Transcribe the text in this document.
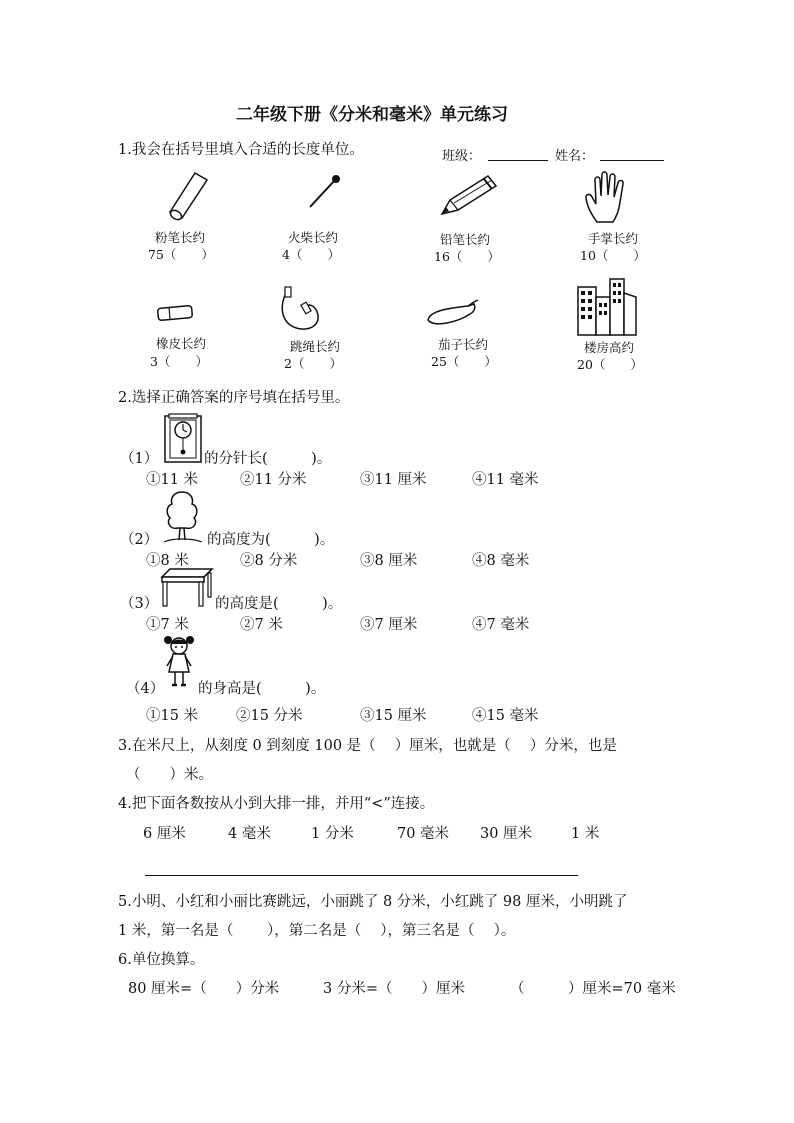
二年级下册《分米和毫米》单元练习
1.我会在括号里填入合适的长度单位。	班级：	姓名：
粉笔长约
75（　　）
火柴长约
4（　　）
铅笔长约
16（　　）
手掌长约
10（　　）
橡皮长约
3（　　）
跳绳长约
2（　　）
茄子长约
25（　　）
楼房高约
20（　　）
2.选择正确答案的序号填在括号里。
（1）	的分针长(　　　)。
①11 米	②11 分米	③11 厘米	④11 毫米
（2）	的高度为(　　　)。
①8 米	②8 分米	③8 厘米	④8 毫米
（3）	的高度是(　　　)。
①7 米	②7 米	③7 厘米	④7 毫米
（4） 的身高是(　　　)。
①15 米	②15 分米	③15 厘米	④15 毫米
3.在米尺上，从刻度 0 到刻度 100 是（　 ）厘米，也就是（　 ）分米，也是
（　　）米。
4.把下面各数按从小到大排一排，并用“<”连接。
6 厘米	4 毫米	1 分米	70 毫米 30 厘米	1 米
5.小明、小红和小丽比赛跳远，小丽跳了 8 分米，小红跳了 98 厘米，小明跳了
1 米，第一名是（　　 ），第二名是（　 ），第三名是（　 ）。
6.单位换算。
80 厘米=（　　）分米	3 分米=（　　）厘米	（　　　）厘米=70 毫米
